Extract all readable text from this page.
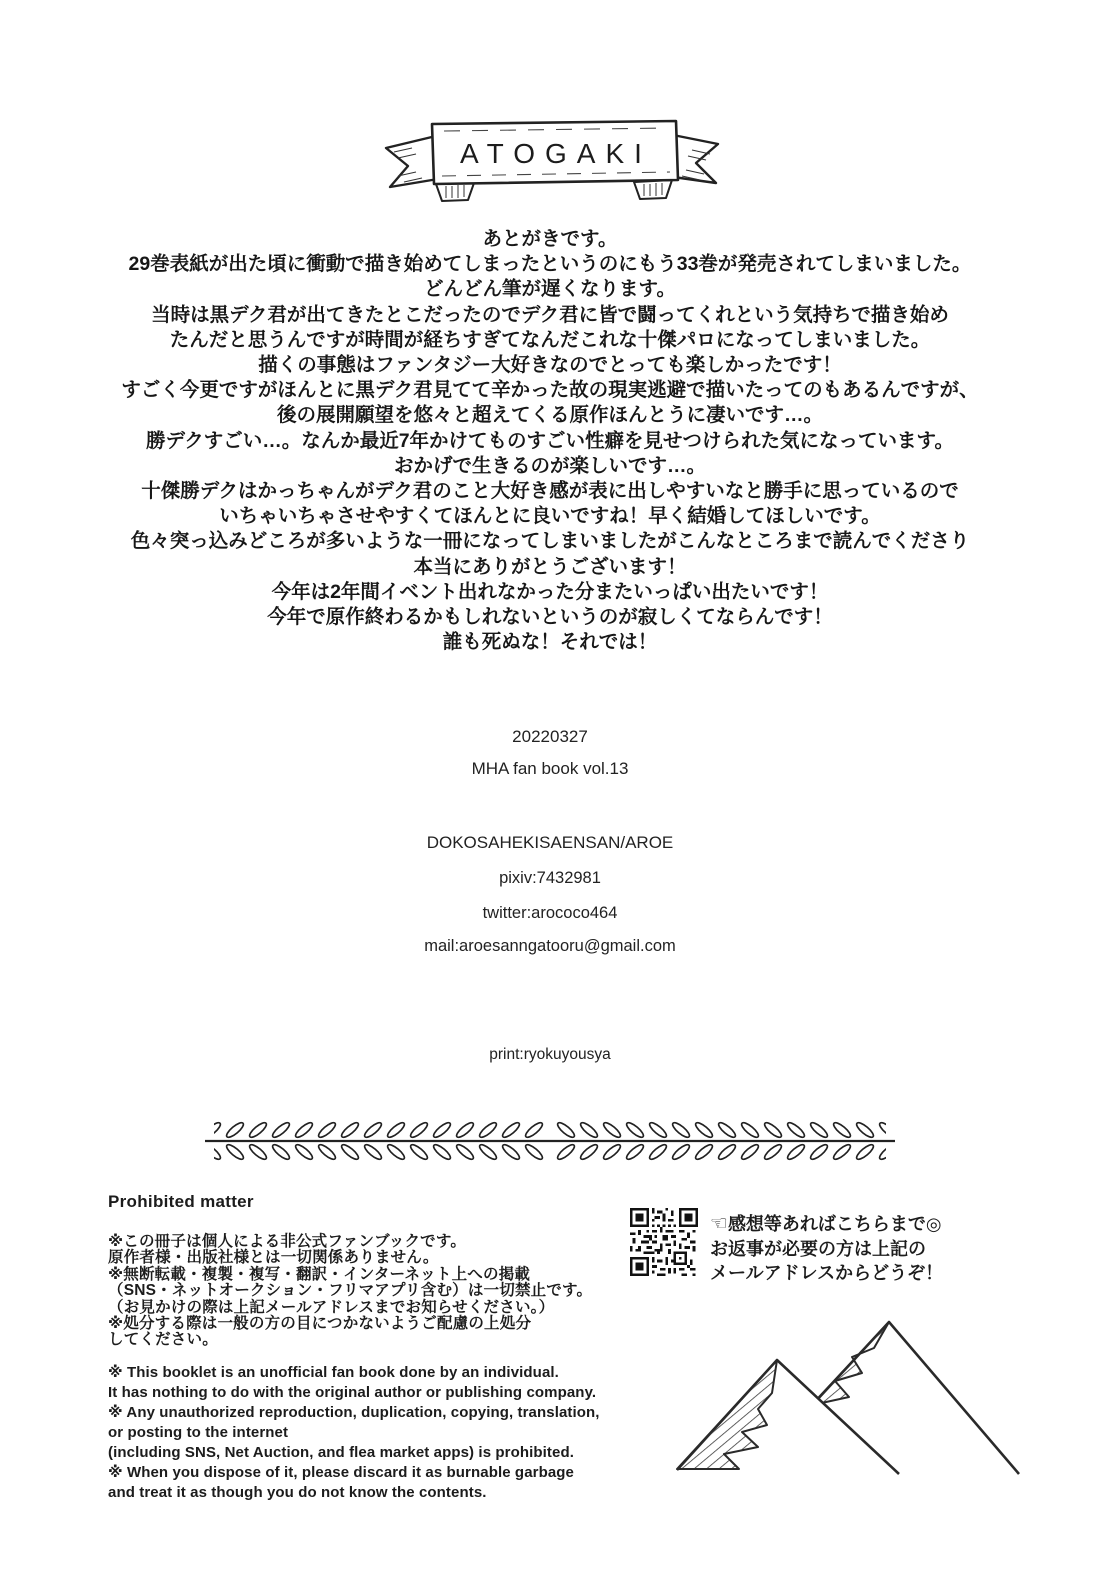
ATOGAKI
あとがきです。
29巻表紙が出た頃に衝動で描き始めてしまったというのにもう33巻が発売されてしまいました。
どんどん筆が遅くなります。
当時は黒デク君が出てきたとこだったのでデク君に皆で闘ってくれという気持ちで描き始め
たんだと思うんですが時間が経ちすぎてなんだこれな十傑パロになってしまいました。
描くの事態はファンタジー大好きなのでとっても楽しかったです！
すごく今更ですがほんとに黒デク君見てて辛かった故の現実逃避で描いたってのもあるんですが、
後の展開願望を悠々と超えてくる原作ほんとうに凄いです…。
勝デクすごい…。なんか最近7年かけてものすごい性癖を見せつけられた気になっています。
おかげで生きるのが楽しいです…。
十傑勝デクはかっちゃんがデク君のこと大好き感が表に出しやすいなと勝手に思っているので
いちゃいちゃさせやすくてほんとに良いですね！早く結婚してほしいです。
色々突っ込みどころが多いような一冊になってしまいましたがこんなところまで読んでくださり
本当にありがとうございます！
今年は2年間イベント出れなかった分またいっぱい出たいです！
今年で原作終わるかもしれないというのが寂しくてならんです！
誰も死ぬな！それでは！
20220327
MHA fan book vol.13
DOKOSAHEKISAENSAN/AROE
pixiv:7432981
twitter:arococo464
mail:aroesanngatooru@gmail.com
print:ryokuyousya
Prohibited matter
※この冊子は個人による非公式ファンブックです。
原作者様・出版社様とは一切関係ありません。
※無断転載・複製・複写・翻訳・インターネット上への掲載
（SNS・ネットオークション・フリマアプリ含む）は一切禁止です。
（お見かけの際は上記メールアドレスまでお知らせください。）
※処分する際は一般の方の目につかないようご配慮の上処分
してください。
※ This booklet is an unofficial fan book done by an individual.
It has nothing to do with the original author or publishing company.
※ Any unauthorized reproduction, duplication, copying, translation,
or posting to the internet
(including SNS, Net Auction, and flea market apps) is prohibited.
※ When you dispose of it, please discard it as burnable garbage
and treat it as though you do not know the contents.
☜感想等あればこちらまで◎
お返事が必要の方は上記の
メールアドレスからどうぞ！
